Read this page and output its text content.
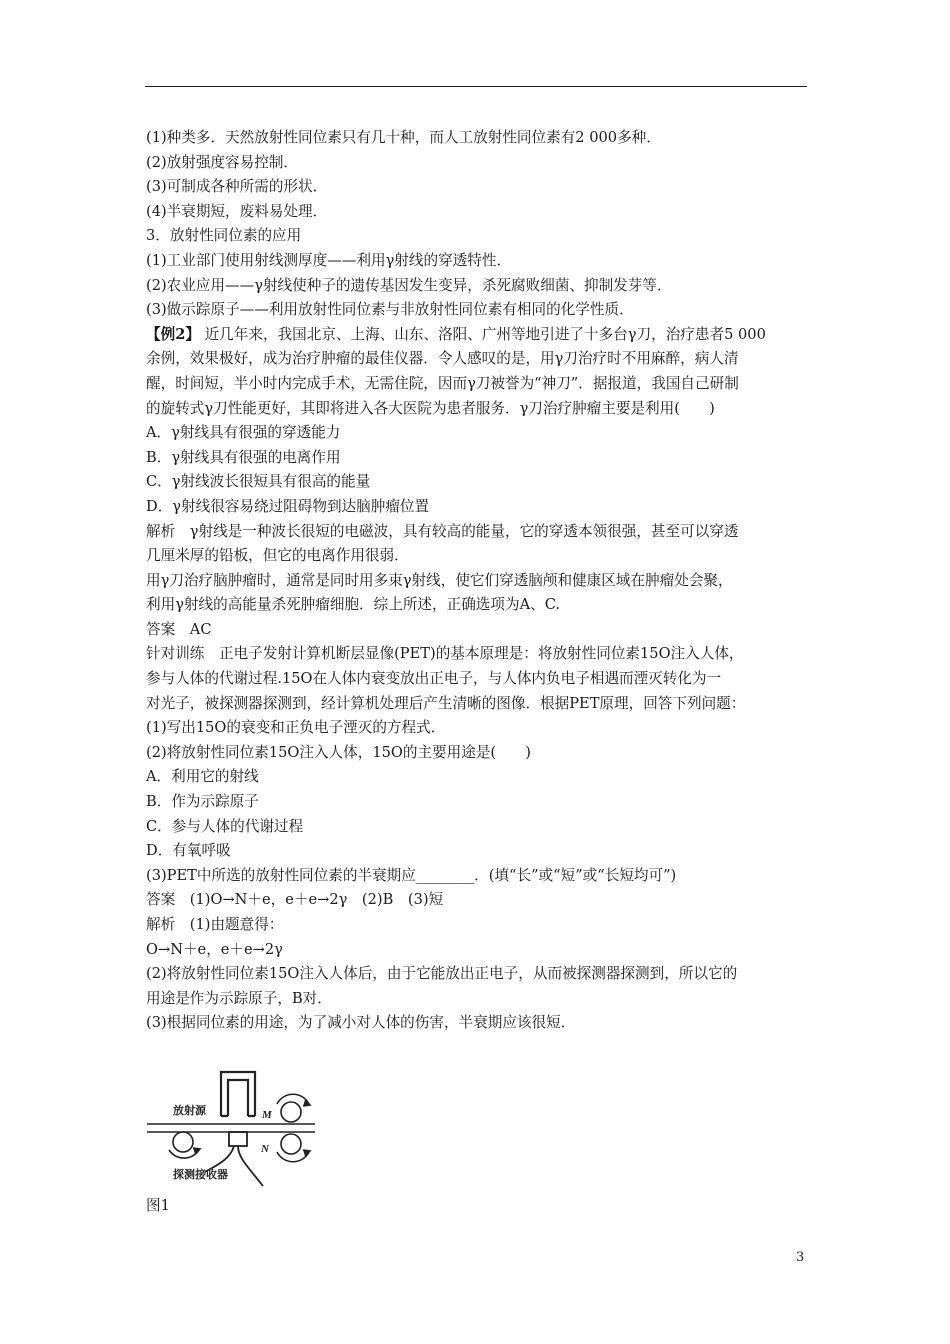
(1)种类多．天然放射性同位素只有几十种，而人工放射性同位素有2 000多种．
(2)放射强度容易控制．
(3)可制成各种所需的形状．
(4)半衰期短，废料易处理．
3．放射性同位素的应用
(1)工业部门使用射线测厚度——利用γ射线的穿透特性．
(2)农业应用——γ射线使种子的遗传基因发生变异，杀死腐败细菌、抑制发芽等．
(3)做示踪原子——利用放射性同位素与非放射性同位素有相同的化学性质．
【例2】 近几年来，我国北京、上海、山东、洛阳、广州等地引进了十多台γ刀，治疗患者5 000
余例，效果极好，成为治疗肿瘤的最佳仪器．令人感叹的是，用γ刀治疗时不用麻醉，病人清
醒，时间短，半小时内完成手术，无需住院，因而γ刀被誉为“神刀”．据报道，我国自己研制
的旋转式γ刀性能更好，其即将进入各大医院为患者服务．γ刀治疗肿瘤主要是利用(　　)
A．γ射线具有很强的穿透能力
B．γ射线具有很强的电离作用
C．γ射线波长很短具有很高的能量
D．γ射线很容易绕过阻碍物到达脑肿瘤位置
解析　γ射线是一种波长很短的电磁波，具有较高的能量，它的穿透本领很强，甚至可以穿透
几厘米厚的铅板，但它的电离作用很弱．
用γ刀治疗脑肿瘤时，通常是同时用多束γ射线，使它们穿透脑颅和健康区域在肿瘤处会聚，
利用γ射线的高能量杀死肿瘤细胞．综上所述，正确选项为A、C.
答案　AC
针对训练　正电子发射计算机断层显像(PET)的基本原理是：将放射性同位素15O注入人体，
参与人体的代谢过程.15O在人体内衰变放出正电子，与人体内负电子相遇而湮灭转化为一
对光子，被探测器探测到，经计算机处理后产生清晰的图像．根据PET原理，回答下列问题：
(1)写出15O的衰变和正负电子湮灭的方程式．
(2)将放射性同位素15O注入人体，15O的主要用途是(　　)
A．利用它的射线
B．作为示踪原子
C．参与人体的代谢过程
D．有氧呼吸
(3)PET中所选的放射性同位素的半衰期应________．(填“长”或“短”或“长短均可”)
答案　(1)O→N＋e，e＋e→2γ　(2)B　(3)短
解析　(1)由题意得：
O→N＋e，e＋e→2γ
(2)将放射性同位素15O注入人体后，由于它能放出正电子，从而被探测器探测到，所以它的
用途是作为示踪原子，B对．
(3)根据同位素的用途，为了减小对人体的伤害，半衰期应该很短．
放射源
探测接收器
M
N
图1
3
